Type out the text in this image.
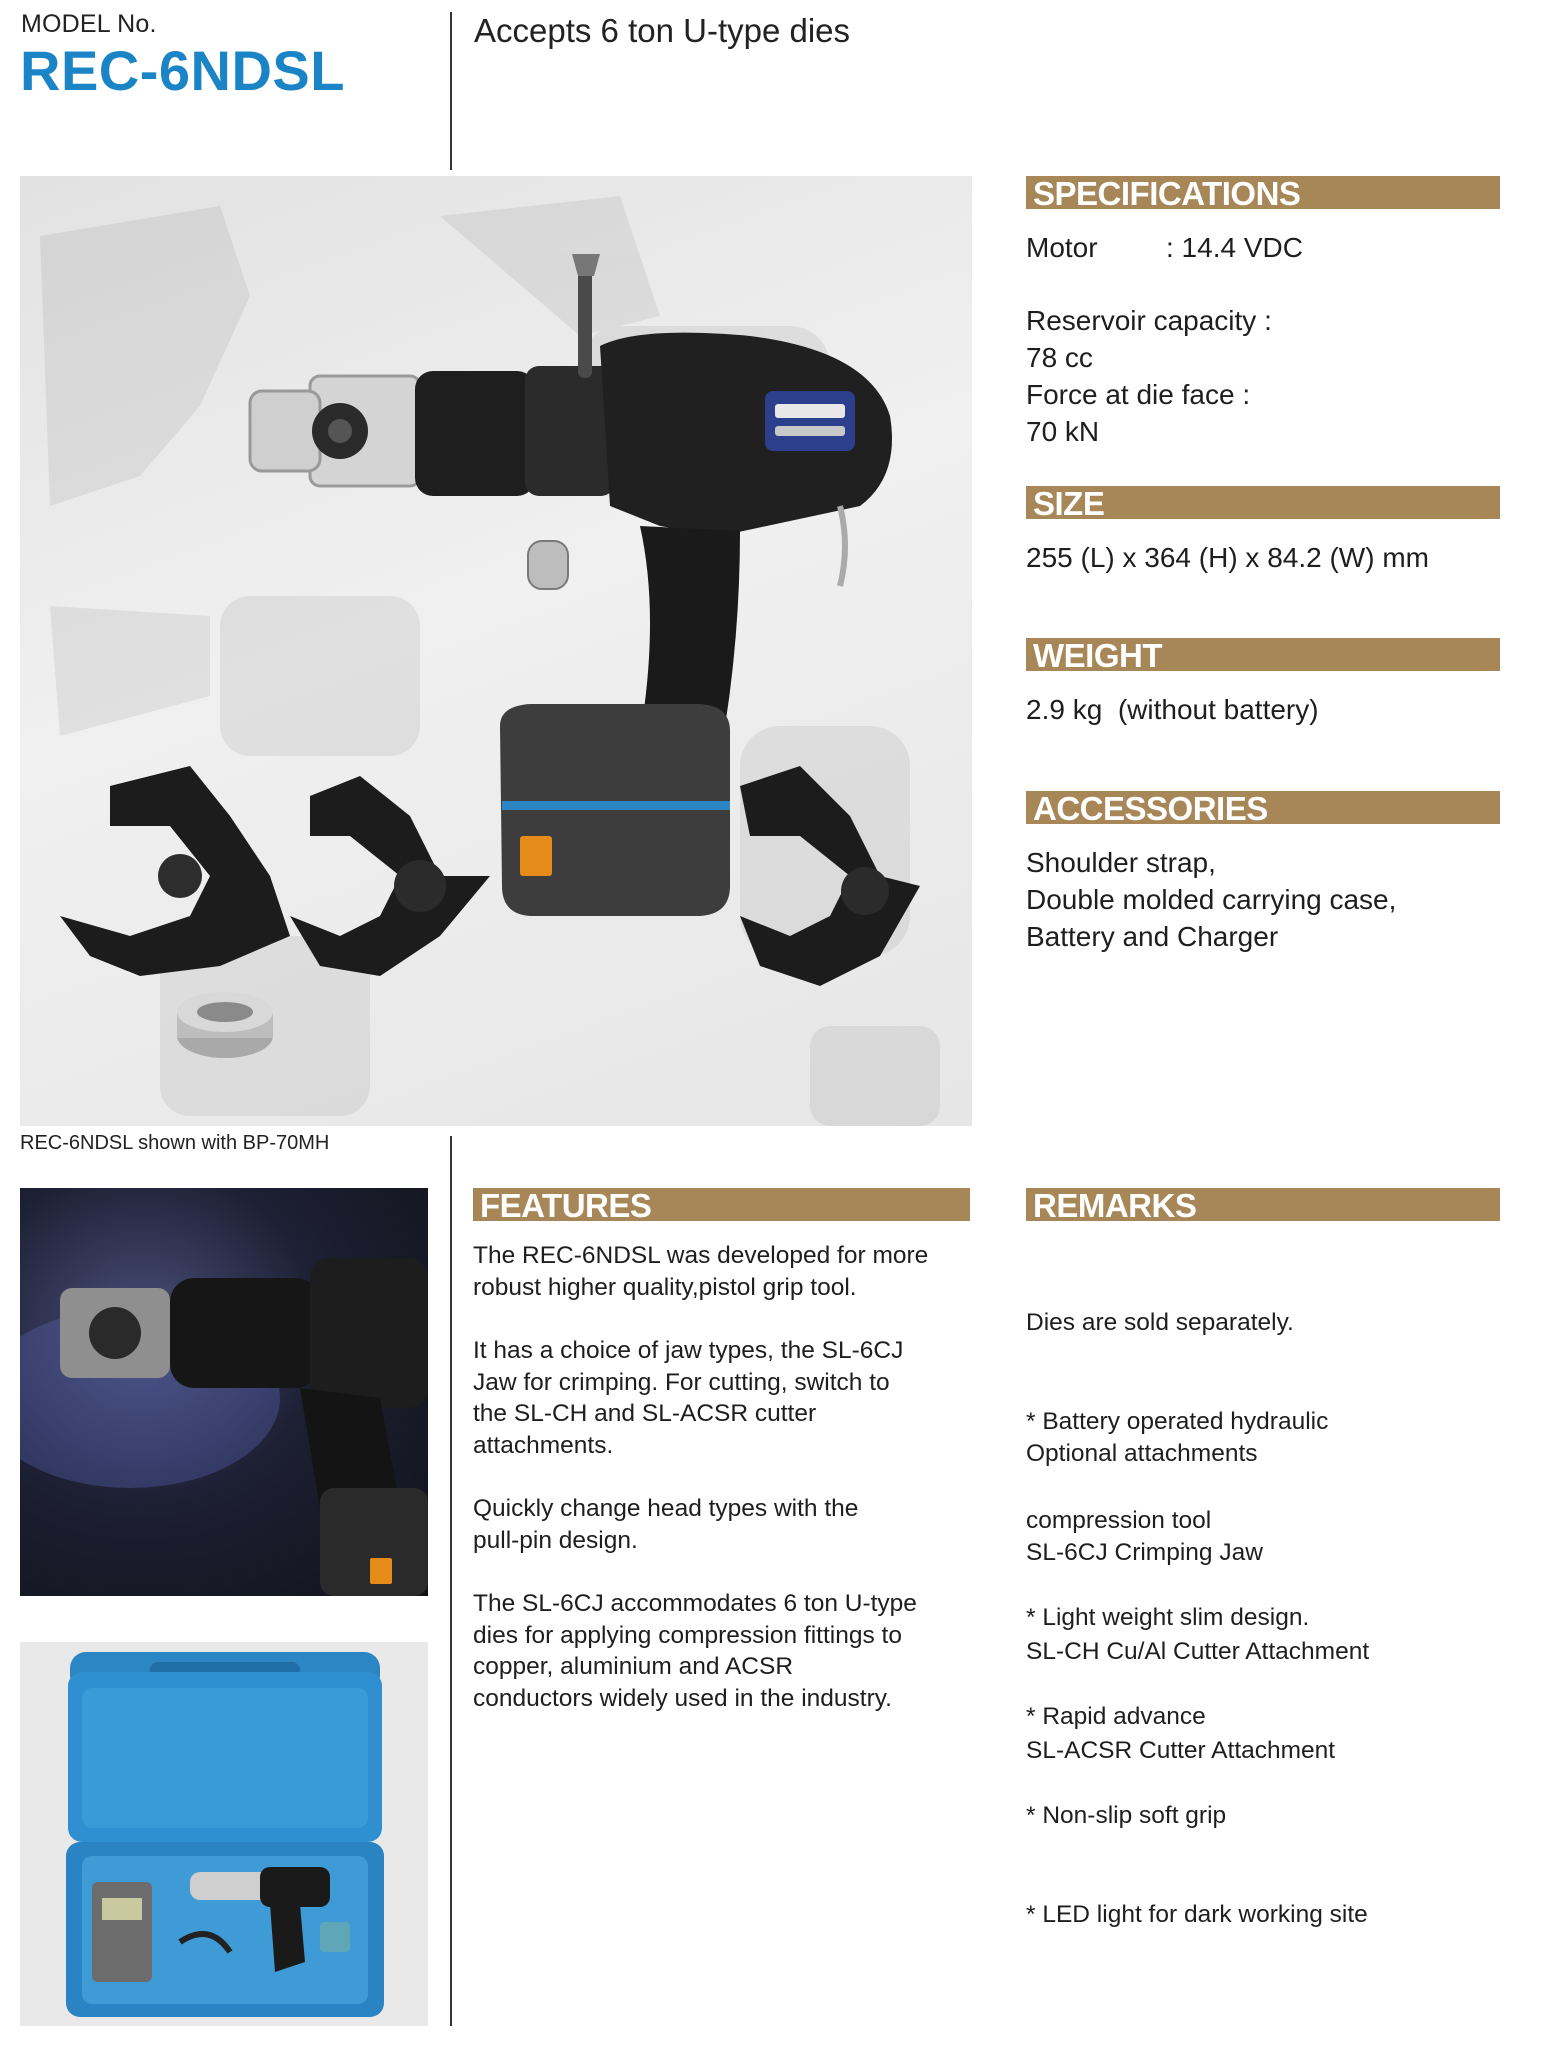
MODEL No.
REC-6NDSL
Accepts 6 ton U-type dies
REC-6NDSL shown with BP-70MH
SPECIFICATIONS
Motor : 14.4 VDC
Reservoir capacity :
78 cc
Force at die face :
70 kN
SIZE
255 (L) x 364 (H) x 84.2 (W) mm
WEIGHT
2.9 kg  (without battery)
ACCESSORIES
Shoulder strap,
Double molded carrying case,
Battery and Charger
FEATURES
The REC-6NDSL was developed for more
robust higher quality,pistol grip tool.
It has a choice of jaw types, the SL-6CJ
Jaw for crimping. For cutting, switch to
the SL-CH and SL-ACSR cutter
attachments.
Quickly change head types with the
pull-pin design.
The SL-6CJ accommodates 6 ton U-type
dies for applying compression fittings to
copper, aluminium and ACSR
conductors widely used in the industry.
REMARKS

Dies are sold separately.

* Battery operated hydraulic

compression tool

Optional attachments

SL-6CJ Crimping Jaw

SL-CH Cu/Al Cutter Attachment

SL-ACSR Cutter Attachment

* Light weight slim design.

* Rapid advance

* Non-slip soft grip

* LED light for dark working site
